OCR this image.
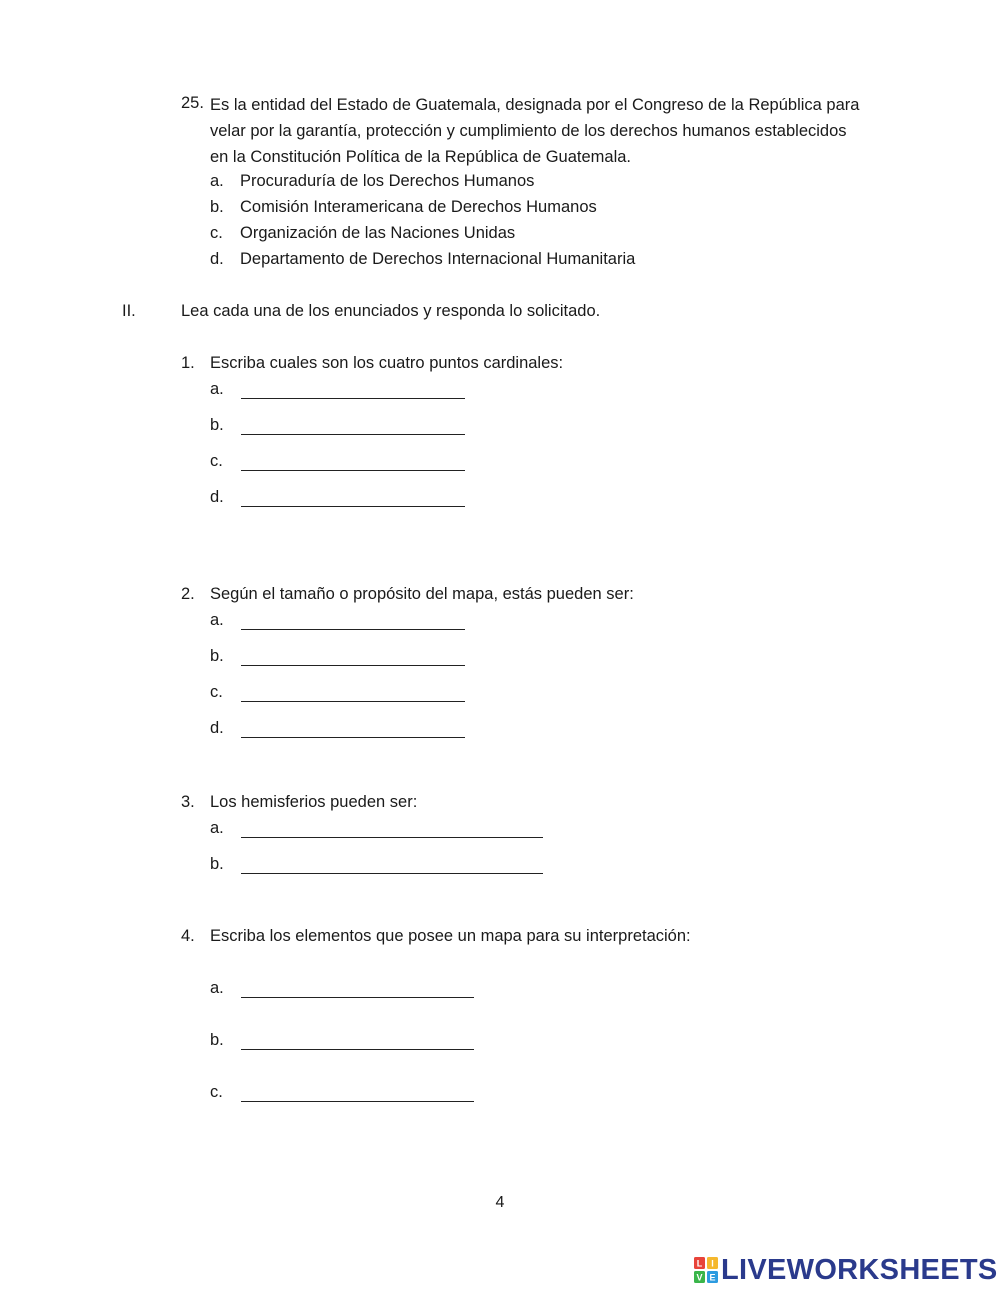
25. Es la entidad del Estado de Guatemala, designada por el Congreso de la República para
velar por la garantía, protección y cumplimiento de los derechos humanos establecidos
en la Constitución Política de la República de Guatemala.
a. Procuraduría de los Derechos Humanos
b. Comisión Interamericana de Derechos Humanos
c. Organización de las Naciones Unidas
d. Departamento de Derechos Internacional Humanitaria
II.	Lea cada una de los enunciados y responda lo solicitado.
1. Escriba cuales son los cuatro puntos cardinales:
a.
b.
c.
d.
2. Según el tamaño o propósito del mapa, estás pueden ser:
a.
b.
c.
d.
3. Los hemisferios pueden ser:
a.
b.
4. Escriba los elementos que posee un mapa para su interpretación:
a.
b.
c.
4
L I
V E LIVEWORKSHEETS
